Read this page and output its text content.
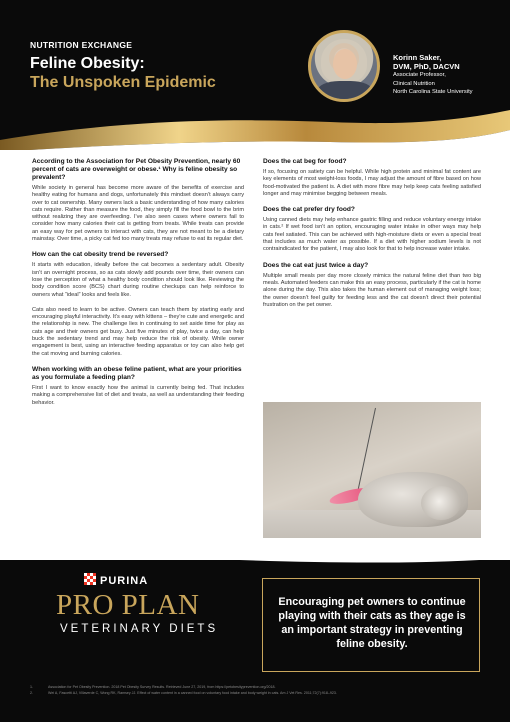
NUTRITION EXCHANGE
Feline Obesity:
The Unspoken Epidemic
Korinn Saker,
DVM, PhD, DACVN
Associate Professor,
Clinical Nutrition
North Carolina State University
According to the Association for Pet Obesity Prevention, nearly 60 percent of cats are overweight or obese.¹ Why is feline obesity so prevalent?

While society in general has become more aware of the benefits of exercise and healthy eating for humans and dogs, unfortunately this mindset doesn’t always carry over to cat ownership. Many owners lack a basic understanding of how many calories cats require. Rather than measure the food, they simply fill the food bowl to the brim without realizing they are overfeeding. I’ve also seen cases where owners fail to consider how many calories their cat is getting from treats. While treats can provide an easy way for pet owners to interact with cats, they are not meant to be a dietary mainstay. Over time, a picky cat fed too many treats may refuse to eat its regular diet.

How can the cat obesity trend be reversed?

It starts with education, ideally before the cat becomes a sedentary adult. Obesity isn’t an overnight process, so as cats slowly add pounds over time, their owners can lose the perception of what a healthy body condition should look like. Reviewing the body condition score (BCS) chart during routine checkups can help reinforce to owners what “ideal” looks and feels like.

Cats also need to learn to be active. Owners can teach them by starting early and encouraging playful interactivity. It’s easy with kittens – they’re cute and energetic and the relationship is new. The challenge lies in continuing to set aside time for play as cats age and their owners get busy. Just five minutes of play, twice a day, can help buck the sedentary trend and may help reduce the risk of obesity. While owner engagement is best, using an interactive feeding apparatus or toy can also help get the cat moving and burning calories.

When working with an obese feline patient, what are your priorities as you formulate a feeding plan?

First I want to know exactly how the animal is currently being fed. That includes making a comprehensive list of diet and treats, as well as understanding their feeding behavior.

Does the cat beg for food?

If so, focusing on satiety can be helpful. While high protein and minimal fat content are key elements of most weight-loss foods, I may adjust the amount of fibre based on how food-motivated the patient is. A diet with more fibre may help keep cats feeling satisfied longer and may minimise begging between meals.

Does the cat prefer dry food?

Using canned diets may help enhance gastric filling and reduce voluntary energy intake in cats.² If wet food isn’t an option, encouraging water intake in other ways may help cats feel satiated. This can be achieved with high-moisture diets or even a special treat that includes as much water as possible. If a diet with higher sodium levels is not contraindicated for the patient, I may also look for that to help increase water intake.

Does the cat eat just twice a day?

Multiple small meals per day more closely mimics the natural feline diet than two big meals. Automated feeders can make this an easy process, particularly if the cat is home alone during the day. This also takes the human element out of managing weight loss; the owner doesn’t feel guilty for feeding less and the cat doesn’t direct their potential frustration on the pet owner.

PURINA
PRO PLAN
VETERINARY DIETS
Encouraging pet owners to continue playing with their cats as they age is an important strategy in preventing feline obesity.
1.	Association for Pet Obesity Prevention. 2018 Pet Obesity Survey Results. Retrieved June 27, 2019, from https://petobesityprevention.org/2018.
2.	Wei A, Fascetti AJ, Villaverde C, Wong RK, Ramsey JJ. Effect of water content in a canned food on voluntary food intake and body weight in cats. Am J Vet Res. 2011;72(7):918–923.
